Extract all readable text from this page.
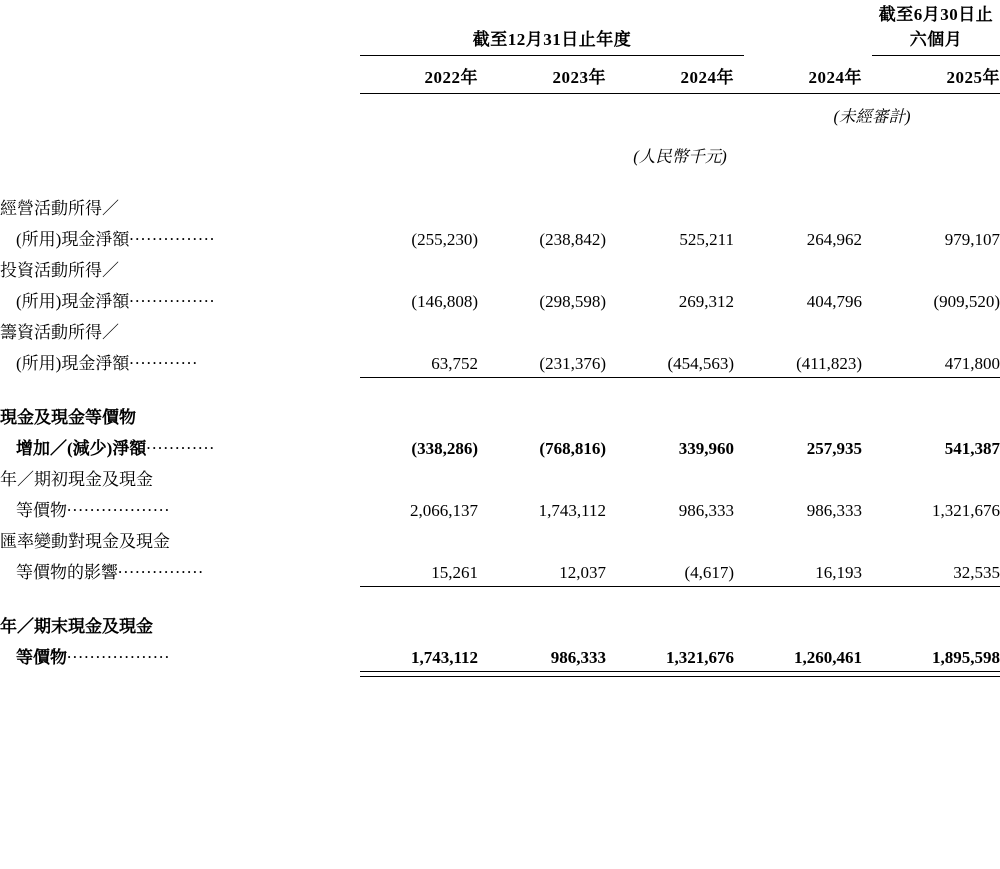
	截至12月31日止年度				截至6月30日止六個月
	2022年	2023年	2024年	2024年	2025年

				(未經審計)	
	(人民幣千元)				

經營活動所得／					
(所用)現金淨額...............	(255,230)	(238,842)	525,211	264,962	979,107
投資活動所得／					
(所用)現金淨額...............	(146,808)	(298,598)	269,312	404,796	(909,520)
籌資活動所得／					
(所用)現金淨額............	63,752	(231,376)	(454,563)	(411,823)	471,800

現金及現金等價物					
增加／(減少)淨額............	(338,286)	(768,816)	339,960	257,935	541,387
年／期初現金及現金					
等價物..................	2,066,137	1,743,112	986,333	986,333	1,321,676
匯率變動對現金及現金					
等價物的影響...............	15,261	12,037	(4,617)	16,193	32,535

年／期末現金及現金					
等價物..................	1,743,112	986,333	1,321,676	1,260,461	1,895,598
